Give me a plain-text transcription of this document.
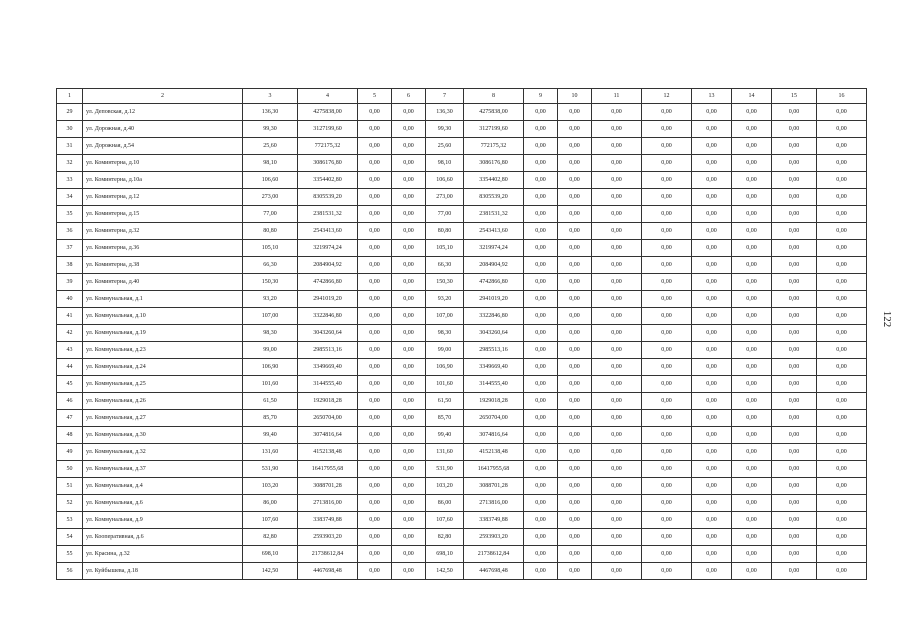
1	2	3	4	5	6	7	8	9	10	11	12	13	14	15	16
29	ул. Деповская, д.12	136,30	4275838,00	0,00	0,00	136,30	4275838,00	0,00	0,00	0,00	0,00	0,00	0,00	0,00	0,00
30	ул. Дорожная, д.40	99,30	3127199,60	0,00	0,00	99,30	3127199,60	0,00	0,00	0,00	0,00	0,00	0,00	0,00	0,00
31	ул. Дорожная, д.54	25,60	772175,32	0,00	0,00	25,60	772175,32	0,00	0,00	0,00	0,00	0,00	0,00	0,00	0,00
32	ул. Коминтерна, д.10	98,10	3086176,80	0,00	0,00	98,10	3086176,80	0,00	0,00	0,00	0,00	0,00	0,00	0,00	0,00
33	ул. Коминтерна, д.10а	106,60	3354402,80	0,00	0,00	106,60	3354402,80	0,00	0,00	0,00	0,00	0,00	0,00	0,00	0,00
34	ул. Коминтерна, д.12	273,00	8305539,20	0,00	0,00	273,00	8305539,20	0,00	0,00	0,00	0,00	0,00	0,00	0,00	0,00
35	ул. Коминтерна, д.15	77,00	2381531,32	0,00	0,00	77,00	2381531,32	0,00	0,00	0,00	0,00	0,00	0,00	0,00	0,00
36	ул. Коминтерна, д.32	80,80	2543413,60	0,00	0,00	80,80	2543413,60	0,00	0,00	0,00	0,00	0,00	0,00	0,00	0,00
37	ул. Коминтерна, д.36	105,10	3219974,24	0,00	0,00	105,10	3219974,24	0,00	0,00	0,00	0,00	0,00	0,00	0,00	0,00
38	ул. Коминтерна, д.38	66,30	2084904,92	0,00	0,00	66,30	2084904,92	0,00	0,00	0,00	0,00	0,00	0,00	0,00	0,00
39	ул. Коминтерна, д.40	150,30	4742866,80	0,00	0,00	150,30	4742866,80	0,00	0,00	0,00	0,00	0,00	0,00	0,00	0,00
40	ул. Коммунальная, д.1	93,20	2941019,20	0,00	0,00	93,20	2941019,20	0,00	0,00	0,00	0,00	0,00	0,00	0,00	0,00
41	ул. Коммунальная, д.10	107,00	3322846,80	0,00	0,00	107,00	3322846,80	0,00	0,00	0,00	0,00	0,00	0,00	0,00	0,00
42	ул. Коммунальная, д.19	98,30	3043260,64	0,00	0,00	98,30	3043260,64	0,00	0,00	0,00	0,00	0,00	0,00	0,00	0,00
43	ул. Коммунальная, д.23	99,00	2985513,16	0,00	0,00	99,00	2985513,16	0,00	0,00	0,00	0,00	0,00	0,00	0,00	0,00
44	ул. Коммунальная, д.24	106,90	3349669,40	0,00	0,00	106,90	3349669,40	0,00	0,00	0,00	0,00	0,00	0,00	0,00	0,00
45	ул. Коммунальная, д.25	101,60	3144555,40	0,00	0,00	101,60	3144555,40	0,00	0,00	0,00	0,00	0,00	0,00	0,00	0,00
46	ул. Коммунальная, д.26	61,50	1929018,28	0,00	0,00	61,50	1929018,28	0,00	0,00	0,00	0,00	0,00	0,00	0,00	0,00
47	ул. Коммунальная, д.27	85,70	2650704,00	0,00	0,00	85,70	2650704,00	0,00	0,00	0,00	0,00	0,00	0,00	0,00	0,00
48	ул. Коммунальная, д.30	99,40	3074816,64	0,00	0,00	99,40	3074816,64	0,00	0,00	0,00	0,00	0,00	0,00	0,00	0,00
49	ул. Коммунальная, д.32	131,60	4152138,48	0,00	0,00	131,60	4152138,48	0,00	0,00	0,00	0,00	0,00	0,00	0,00	0,00
50	ул. Коммунальная, д.37	531,90	16417955,68	0,00	0,00	531,90	16417955,68	0,00	0,00	0,00	0,00	0,00	0,00	0,00	0,00
51	ул. Коммунальная, д.4	103,20	3088701,28	0,00	0,00	103,20	3088701,28	0,00	0,00	0,00	0,00	0,00	0,00	0,00	0,00
52	ул. Коммунальная, д.6	86,00	2713816,00	0,00	0,00	86,00	2713816,00	0,00	0,00	0,00	0,00	0,00	0,00	0,00	0,00
53	ул. Коммунальная, д.9	107,60	3383749,88	0,00	0,00	107,60	3383749,88	0,00	0,00	0,00	0,00	0,00	0,00	0,00	0,00
54	ул. Кооперативная, д.6	82,80	2593903,20	0,00	0,00	82,80	2593903,20	0,00	0,00	0,00	0,00	0,00	0,00	0,00	0,00
55	ул. Красина, д.32	698,10	21738612,84	0,00	0,00	698,10	21738612,84	0,00	0,00	0,00	0,00	0,00	0,00	0,00	0,00
56	ул. Куйбышева, д.18	142,50	4467698,48	0,00	0,00	142,50	4467698,48	0,00	0,00	0,00	0,00	0,00	0,00	0,00	0,00
122
